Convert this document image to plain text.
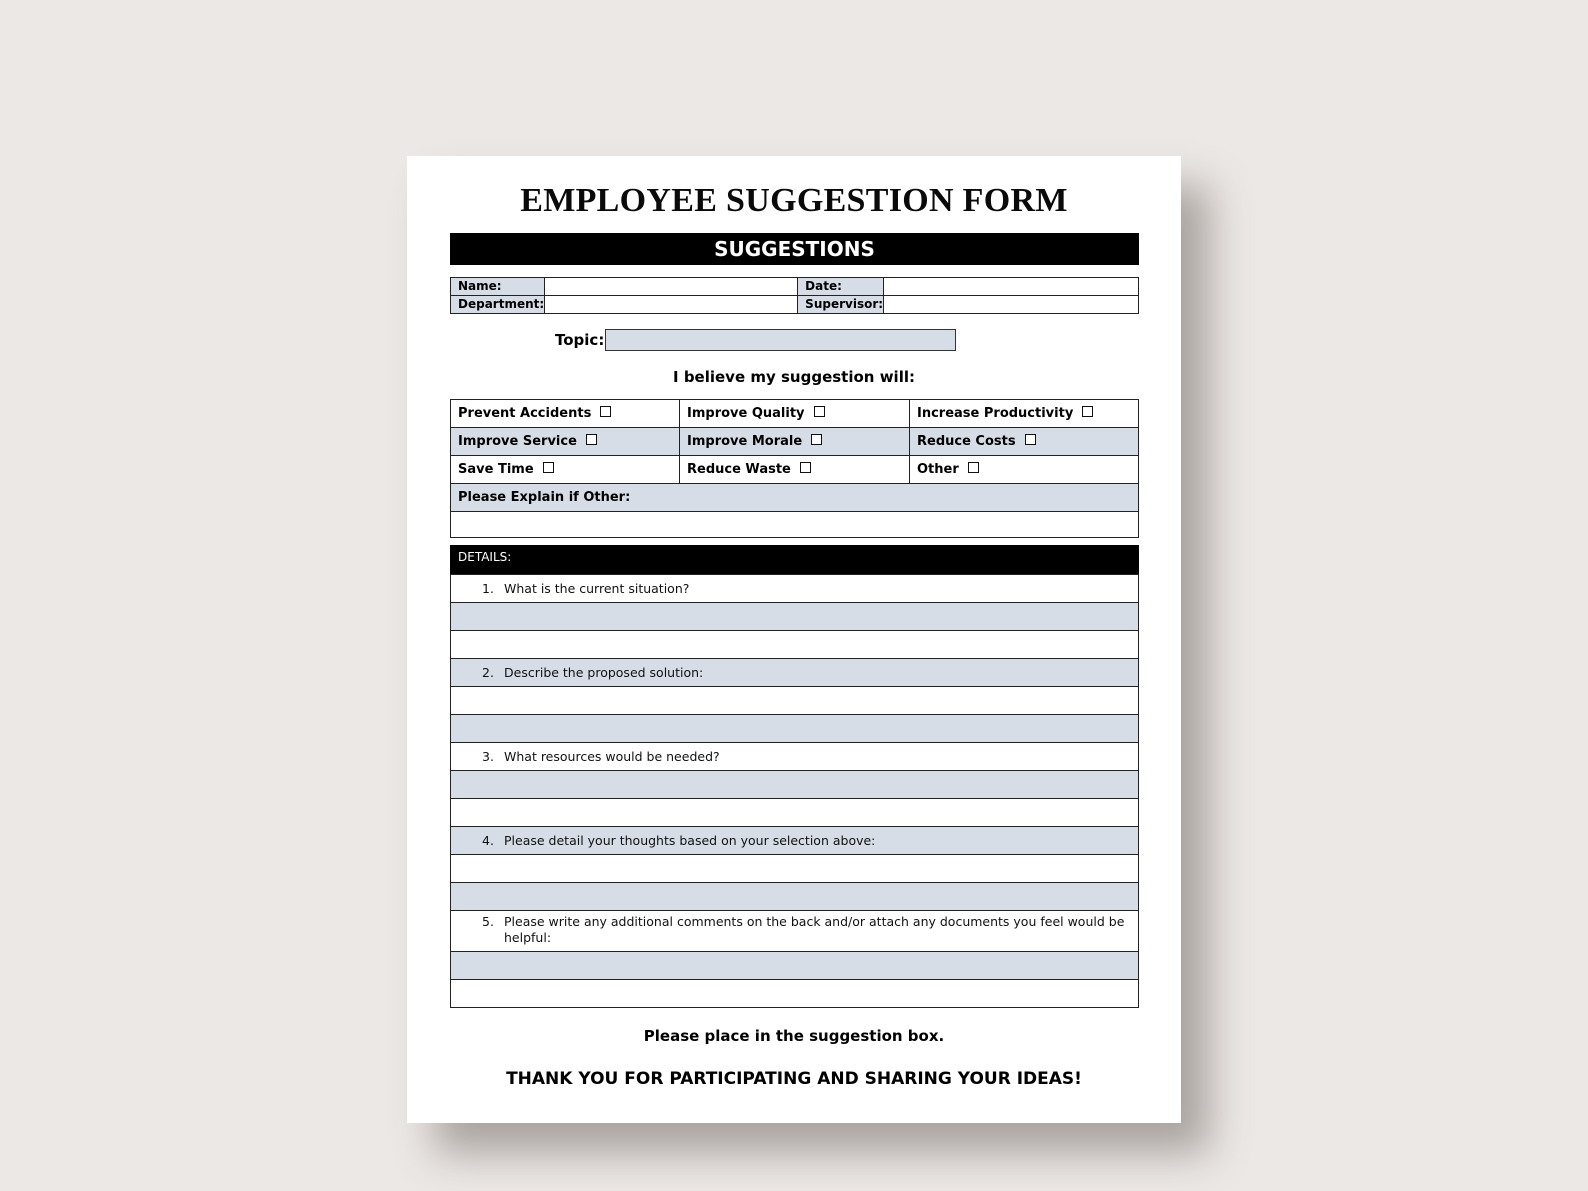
EMPLOYEE SUGGESTION FORM
SUGGESTIONS
Name:		Date:	
Department:		Supervisor:	
Topic:
I believe my suggestion will:
Prevent Accidents	Improve Quality	Increase Productivity
Improve Service	Improve Morale	Reduce Costs
Save Time	Reduce Waste	Other
Please Explain if Other:		

DETAILS:
1. What is the current situation?

2. Describe the proposed solution:

3. What resources would be needed?

4. Please detail your thoughts based on your selection above:

5. Please write any additional comments on the back and/or attach any documents you feel would be helpful:

Please place in the suggestion box.
THANK YOU FOR PARTICIPATING AND SHARING YOUR IDEAS!
